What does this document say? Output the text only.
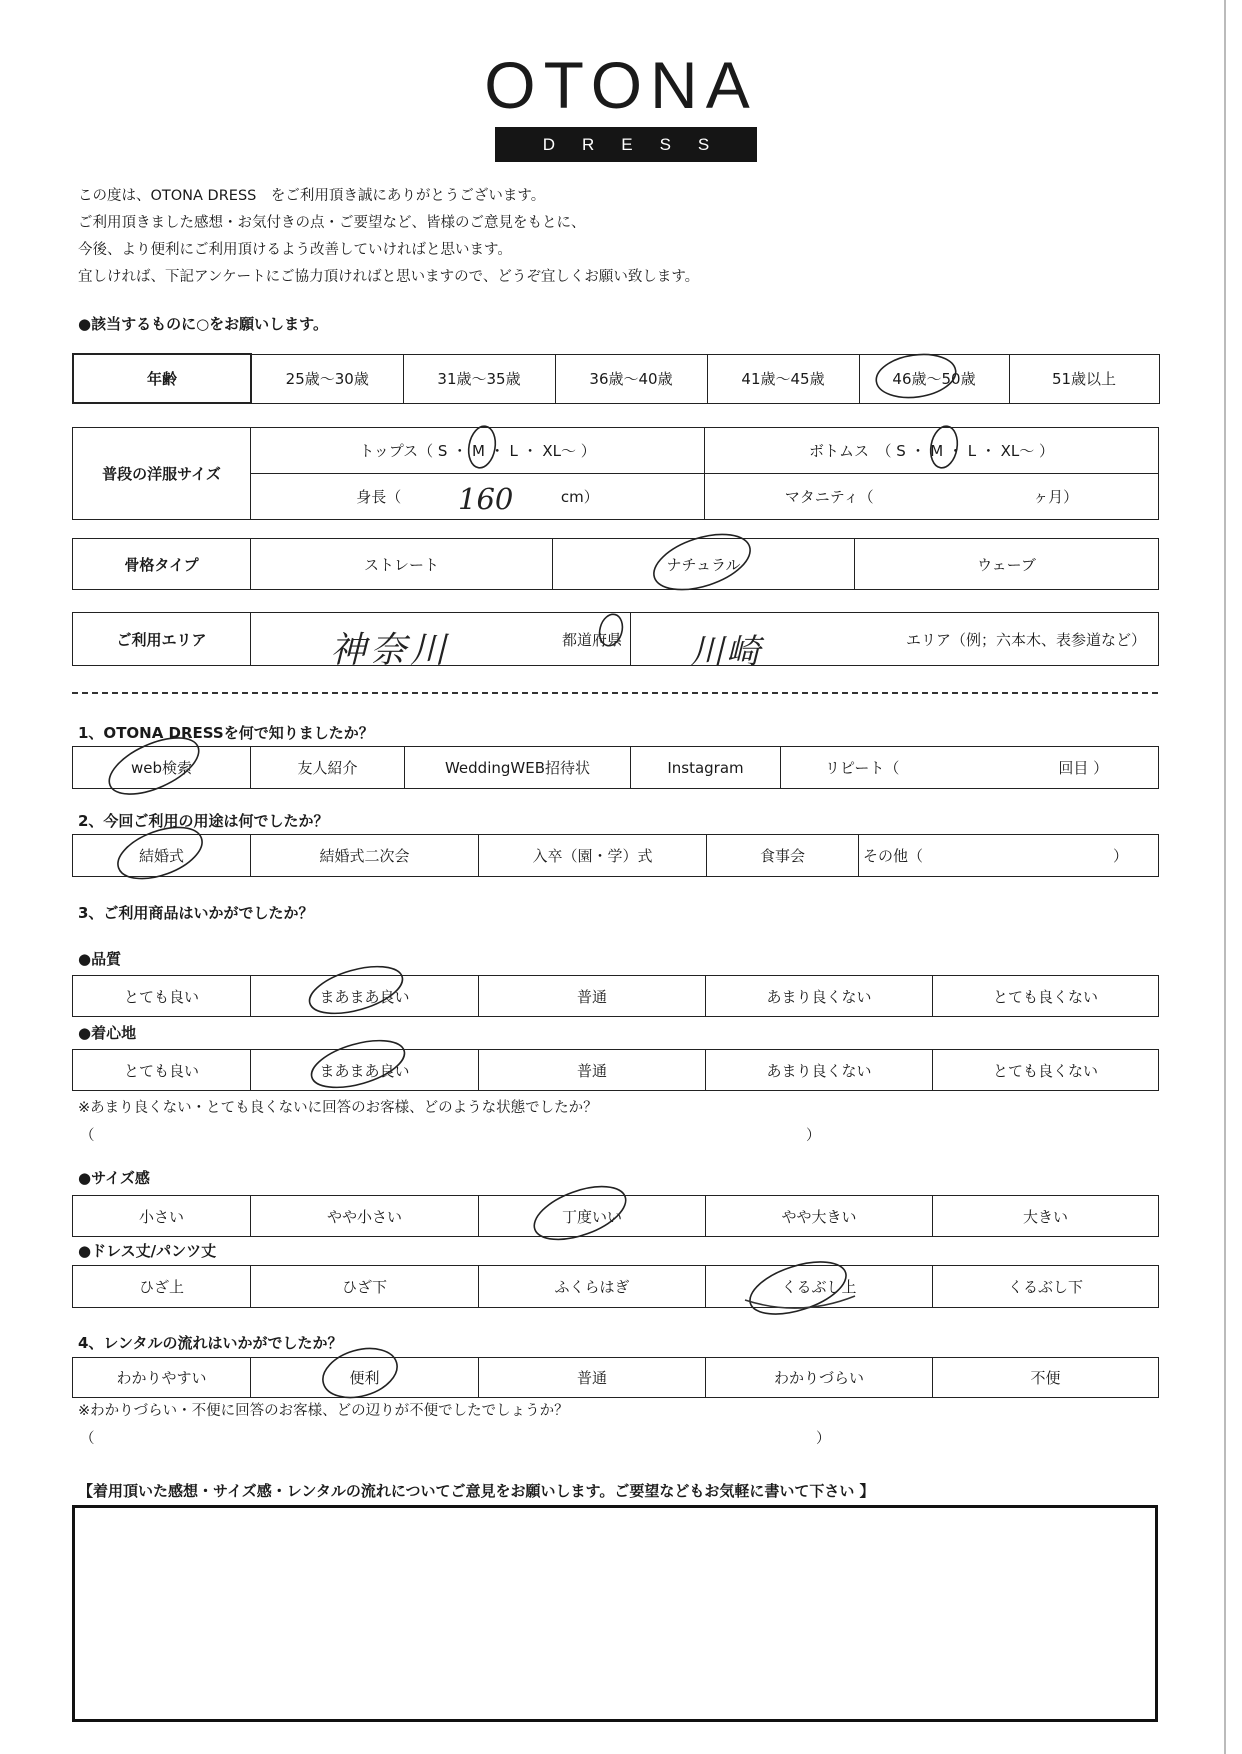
OTONA
DRESS
この度は、OTONA DRESS　をご利用頂き誠にありがとうございます。
ご利用頂きました感想・お気付きの点・ご要望など、皆様のご意見をもとに、
今後、より便利にご利用頂けるよう改善していければと思います。
宜しければ、下記アンケートにご協力頂ければと思いますので、どうぞ宜しくお願い致します。
●該当するものに○をお願いします。
年齢	25歳～30歳	31歳～35歳	36歳～40歳	41歳～45歳	46歳～50歳	51歳以上
普段の洋服サイズ	トップス（ S ・ M ・ L ・ XL～ ）	ボトムス　（ S ・ M ・ L ・ XL～ ）
	身長（ cm）	マタニティ（ ヶ月）
160
骨格タイプ	ストレート	ナチュラル	ウェーブ
ご利用エリア	都道府県	エリア（例；六本木、表参道など）
神奈川	川崎
1、OTONA DRESSを何で知りましたか？
web検索	友人紹介	WeddingWEB招待状	Instagram	リピート（	回目 ）
2、今回ご利用の用途は何でしたか？
結婚式	結婚式二次会	入卒（園・学）式	食事会	その他（	）
3、ご利用商品はいかがでしたか？
●品質
とても良い	まあまあ良い	普通	あまり良くない	とても良くない
●着心地
とても良い	まあまあ良い	普通	あまり良くない	とても良くない
※あまり良くない・とても良くないに回答のお客様、どのような状態でしたか？
（	）
●サイズ感
小さい	やや小さい	丁度いい	やや大きい	大きい
●ドレス丈/パンツ丈
ひざ上	ひざ下	ふくらはぎ	くるぶし上	くるぶし下
4、レンタルの流れはいかがでしたか？
わかりやすい	便利	普通	わかりづらい	不便
※わかりづらい・不便に回答のお客様、どの辺りが不便でしたでしょうか？
（	）
【着用頂いた感想・サイズ感・レンタルの流れについてご意見をお願いします。ご要望などもお気軽に書いて下さい 】
